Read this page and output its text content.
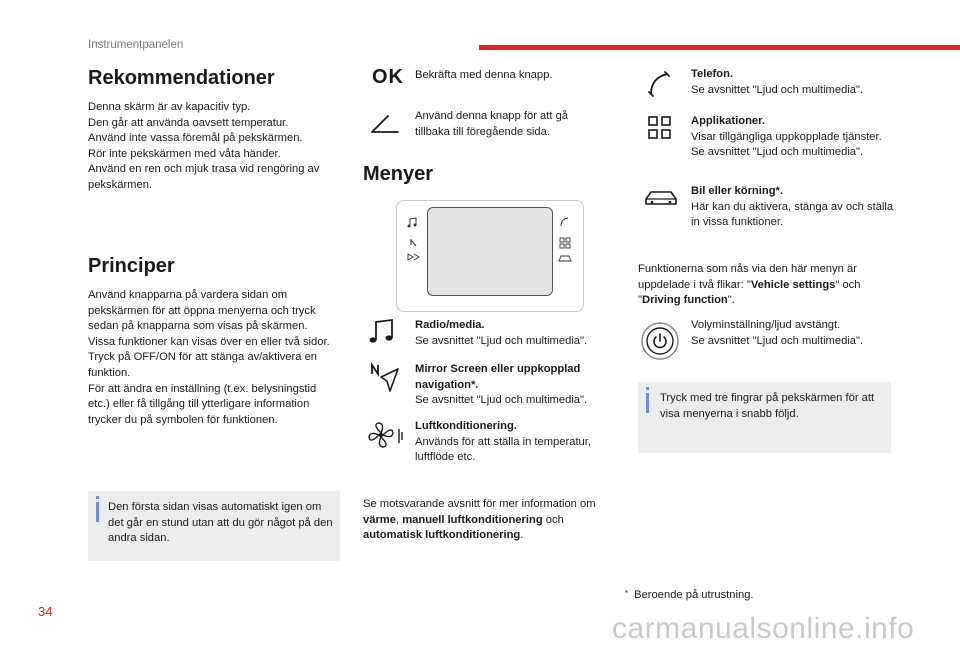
Instrumentpanelen
Rekommendationer
Denna skärm är av kapacitiv typ.
Den går att använda oavsett temperatur.
Använd inte vassa föremål på pekskärmen.
Rör inte pekskärmen med våta händer.
Använd en ren och mjuk trasa vid rengöring av pekskärmen.
Principer
Använd knapparna på vardera sidan om pekskärmen för att öppna menyerna och tryck sedan på knapparna som visas på skärmen.
Vissa funktioner kan visas över en eller två sidor.
Tryck på OFF/ON för att stänga av/aktivera en funktion.
För att ändra en inställning (t.ex. belysningstid etc.) eller få tillgång till ytterligare information trycker du på symbolen för funktionen.
Den första sidan visas automatiskt igen om det går en stund utan att du gör något på den andra sidan.
OK Bekräfta med denna knapp.
Använd denna knapp för att gå tillbaka till föregående sida.
Menyer
Radio/media.
Se avsnittet "Ljud och multimedia".
Mirror Screen eller uppkopplad navigation*.
Se avsnittet "Ljud och multimedia".
Luftkonditionering.
Används för att ställa in temperatur, luftflöde etc.
Se motsvarande avsnitt för mer information om värme, manuell luftkonditionering och automatisk luftkonditionering.
Telefon.
Se avsnittet "Ljud och multimedia".
Applikationer.
Visar tillgängliga uppkopplade tjänster.
Se avsnittet "Ljud och multimedia".
Bil eller körning*.
Här kan du aktivera, stänga av och ställa in vissa funktioner.
Funktionerna som nås via den här menyn är uppdelade i två flikar: "Vehicle settings" och "Driving function".
Volyminställning/ljud avstängt.
Se avsnittet "Ljud och multimedia".
Tryck med tre fingrar på pekskärmen för att visa menyerna i snabb följd.
* Beroende på utrustning.
34
carmanualsonline.info
